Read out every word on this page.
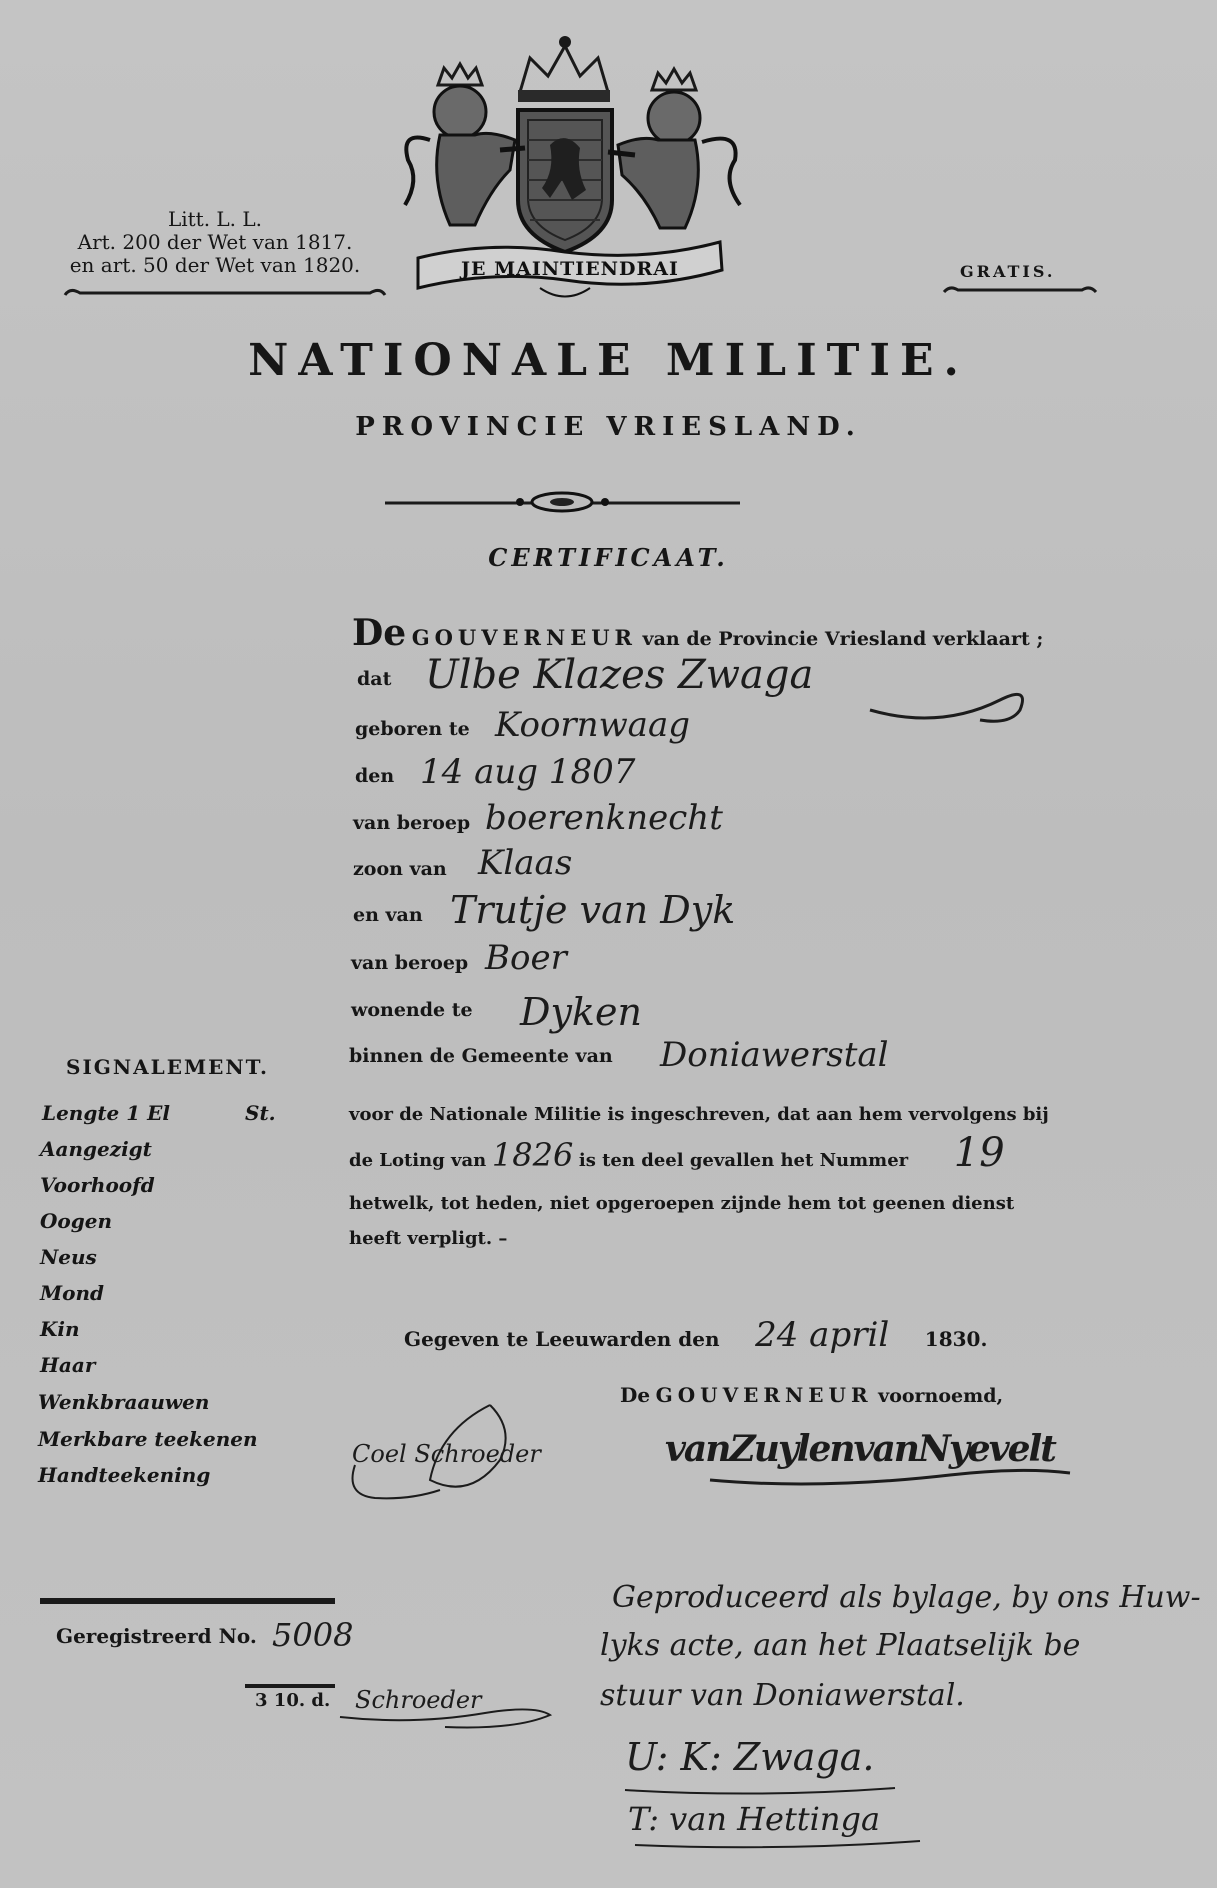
JE MAINTIENDRAI
Litt. L. L.
Art. 200 der Wet van 1817.
en art. 50 der Wet van 1820.	GRATIS.
NATIONALE MILITIE.
PROVINCIE VRIESLAND.
CERTIFICAAT.
De GOUVERNEUR van de Provincie Vriesland verklaart ;
dat
geboren te
den
van beroep
zoon van
en van
van beroep
wonende te
binnen de Gemeente van
Ulbe Klazes Zwaga
Koornwaag
14 aug 1807
boerenknecht
Klaas
Trutje van Dyk
Boer
Dyken
Doniawerstal
voor de Nationale Militie is ingeschreven, dat aan hem vervolgens bij
de Loting van 1826 is ten deel gevallen het Nummer 19
hetwelk, tot heden, niet opgeroepen zijnde hem tot geenen dienst
heeft verpligt. –
Gegeven te Leeuwarden den 24 april 1830.
De GOUVERNEUR voornoemd,
vanZuylenvanNyevelt
SIGNALEMENT.
Lengte 1 El	St.
Aangezigt
Voorhoofd
Oogen
Neus
Mond
Kin
Haar
Wenkbraauwen
Merkbare teekenen
Handteekening
Coel Schroeder
Geregistreerd No. 5008
3 10. d. Schroeder
Geproduceerd als bylage, by ons Huw-
lyks acte, aan het Plaatselijk be
stuur van Doniawerstal.
U: K: Zwaga.
T: van Hettinga
